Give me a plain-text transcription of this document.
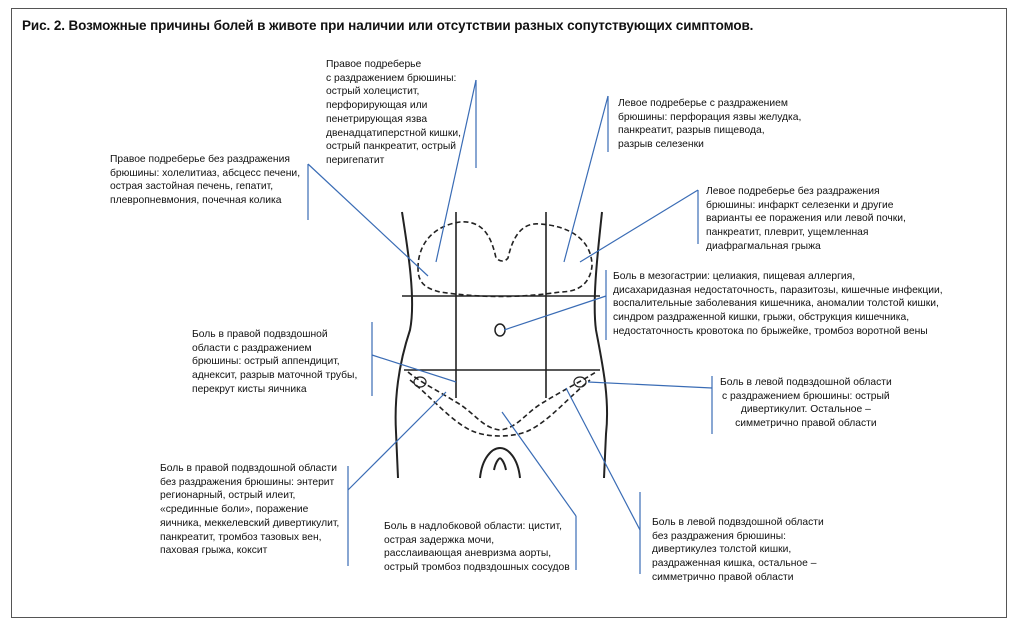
Рис. 2. Возможные причины болей в животе при наличии или отсутствии разных сопутствующих симптомов.
Правое подреберье
с раздражением брюшины:
острый холецистит,
перфорирующая или
пенетрирующая язва
двенадцатиперстной кишки,
острый панкреатит, острый
перигепатит
Левое подреберье с раздражением
брюшины: перфорация язвы желудка,
панкреатит, разрыв пищевода,
разрыв селезенки
Правое подреберье без раздражения
брюшины: холелитиаз, абсцесс печени,
острая застойная печень, гепатит,
плевропневмония, почечная колика
Левое подреберье без раздражения
брюшины: инфаркт селезенки и другие
варианты ее поражения или левой почки,
панкреатит, плеврит, ущемленная
диафрагмальная грыжа
Боль в мезогастрии: целиакия, пищевая аллергия,
дисахаридазная недостаточность, паразитозы, кишечные инфекции,
воспалительные заболевания кишечника, аномалии толстой кишки,
синдром раздраженной кишки, грыжи, обструкция кишечника,
недостаточность кровотока по брыжейке, тромбоз воротной вены
Боль в правой подвздошной
области с раздражением
брюшины: острый аппендицит,
аднексит, разрыв маточной трубы,
перекрут кисты яичника
Боль в левой подвздошной области
с раздражением брюшины: острый
дивертикулит. Остальное –
симметрично правой области
Боль в правой подвздошной области
без раздражения брюшины: энтерит
регионарный, острый илеит,
«срединные боли», поражение
яичника, меккелевский дивертикулит,
панкреатит, тромбоз тазовых вен,
паховая грыжа, коксит
Боль в надлобковой области: цистит,
острая задержка мочи,
расслаивающая аневризма аорты,
острый тромбоз подвздошных сосудов
Боль в левой подвздошной области
без раздражения брюшины:
дивертикулез толстой кишки,
раздраженная кишка, остальное –
симметрично правой области
